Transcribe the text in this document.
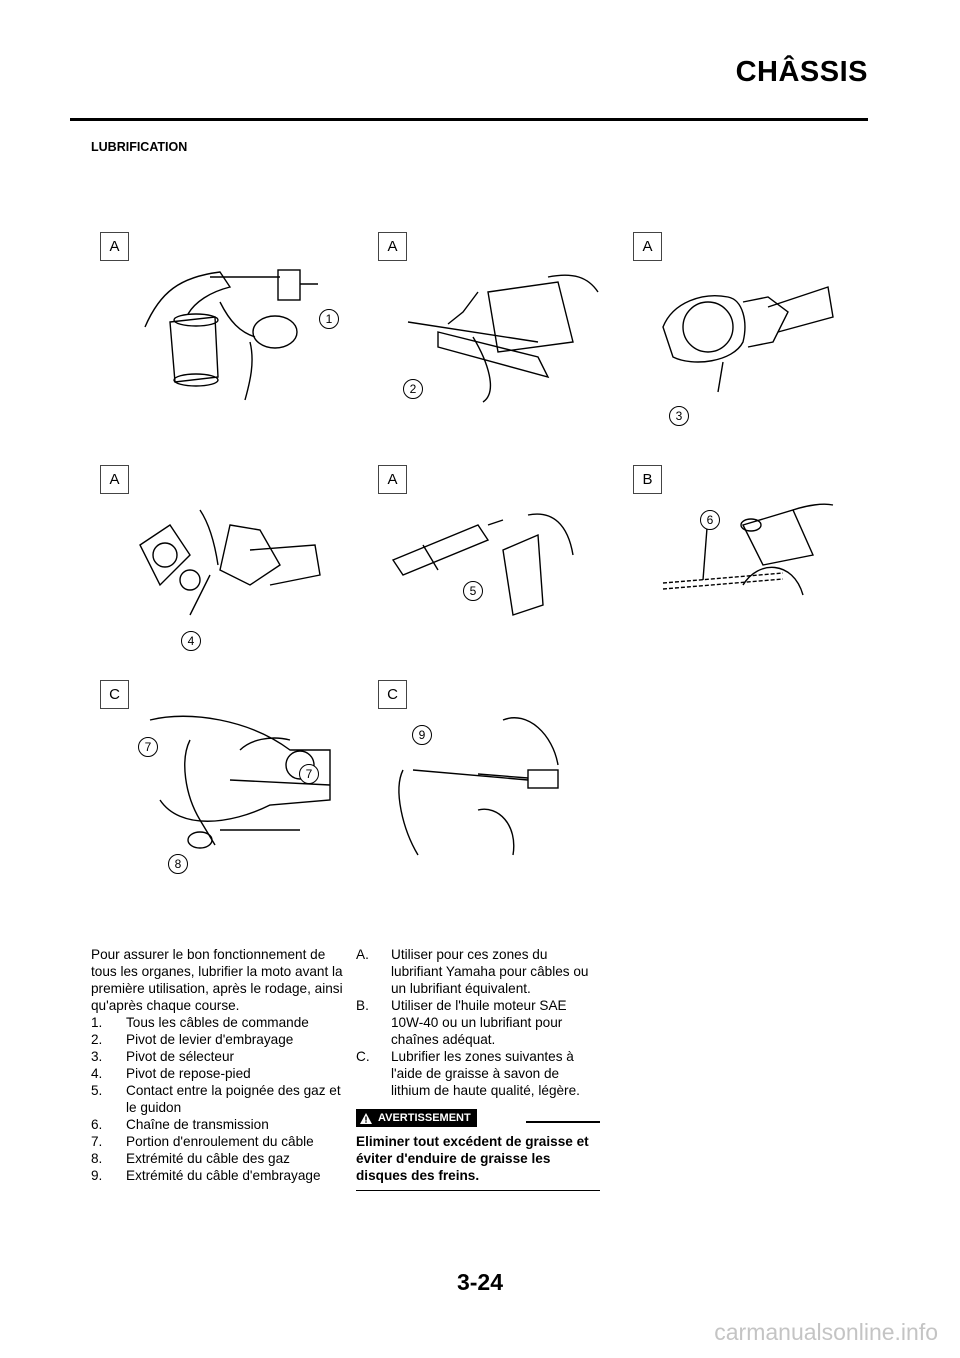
CHÂSSIS
LUBRIFICATION
A
1
A
2
A
3
A
4
A
5
B
6
C
7
7
8
C
9

Pour assurer le bon fonctionnement de tous les organes, lubrifier la moto avant la première utilisation, après le rodage, ainsi qu'après chaque course.

1. Tous les câbles de commande
2. Pivot de levier d'embrayage
3. Pivot de sélecteur
4. Pivot de repose-pied
5. Contact entre la poignée des gaz et le guidon
6. Chaîne de transmission
7. Portion d'enroulement du câble
8. Extrémité du câble des gaz
9. Extrémité du câble d'embrayage
A. Utiliser pour ces zones du lubrifiant Yamaha pour câbles ou un lubrifiant équivalent.
B. Utiliser de l'huile moteur SAE 10W-40 ou un lubrifiant pour chaînes adéquat.
C. Lubrifier les zones suivantes à l'aide de graisse à savon de lithium de haute qualité, légère.
AVERTISSEMENT
Eliminer tout excédent de graisse et éviter d'enduire de graisse les disques des freins.
3-24
carmanualsonline.info
